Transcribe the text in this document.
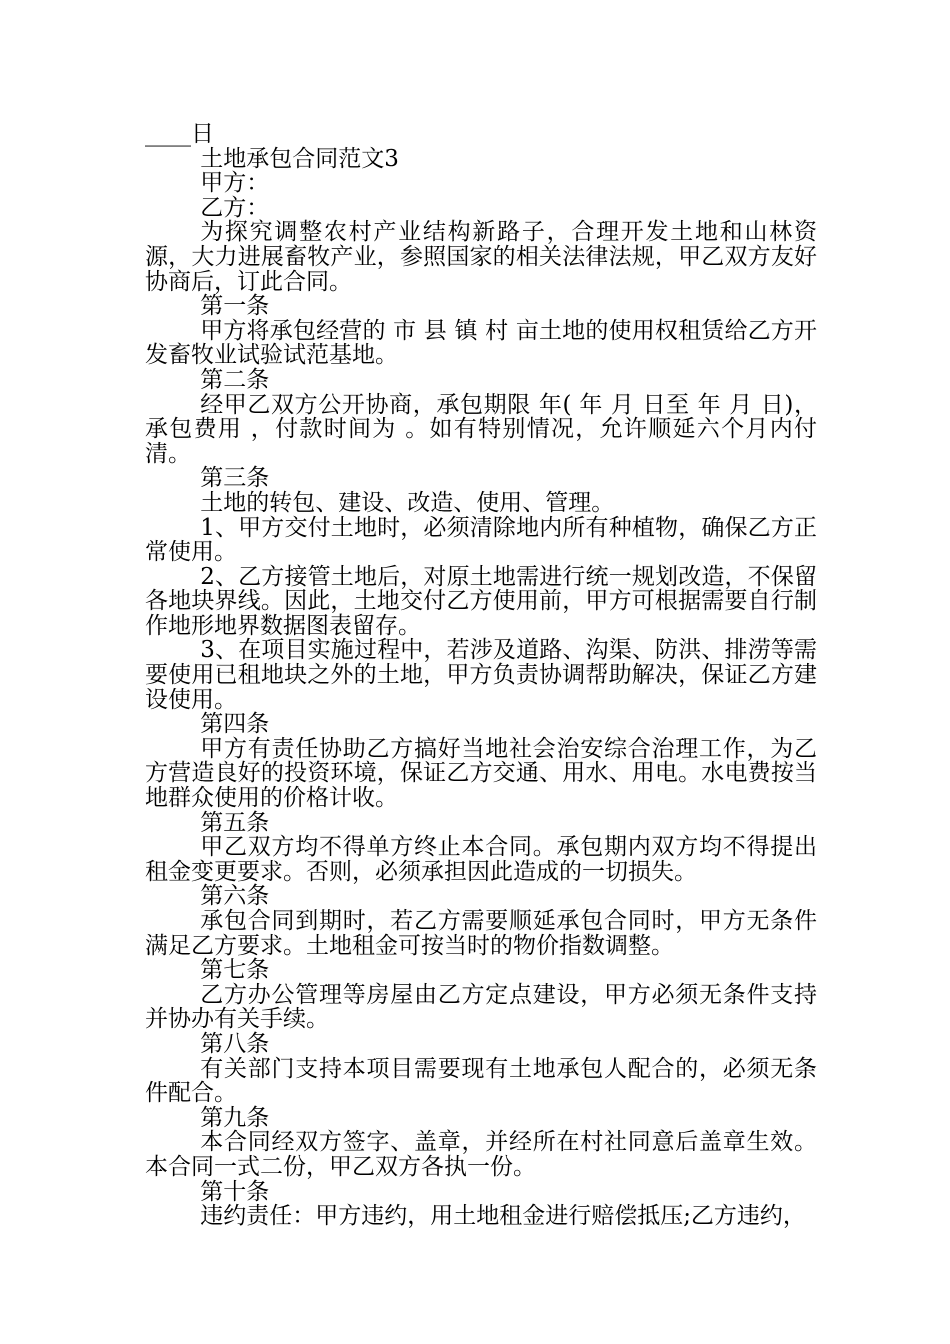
____日

土地承包合同范文3

甲方：

乙方：

为探究调整农村产业结构新路子，合理开发土地和山林资源，大力进展畜牧产业，参照国家的相关法律法规，甲乙双方友好协商后，订此合同。

第一条

甲方将承包经营的 市 县 镇 村 亩土地的使用权租赁给乙方开发畜牧业试验试范基地。

第二条

经甲乙双方公开协商，承包期限 年( 年 月 日至 年 月 日)，承包费用 ，付款时间为 。如有特别情况，允许顺延六个月内付清。

第三条

土地的转包、建设、改造、使用、管理。

1、甲方交付土地时，必须清除地内所有种植物，确保乙方正常使用。

2、乙方接管土地后，对原土地需进行统一规划改造，不保留各地块界线。因此，土地交付乙方使用前，甲方可根据需要自行制作地形地界数据图表留存。

3、在项目实施过程中，若涉及道路、沟渠、防洪、排涝等需要使用已租地块之外的土地，甲方负责协调帮助解决，保证乙方建设使用。

第四条

甲方有责任协助乙方搞好当地社会治安综合治理工作，为乙方营造良好的投资环境，保证乙方交通、用水、用电。水电费按当地群众使用的价格计收。

第五条

甲乙双方均不得单方终止本合同。承包期内双方均不得提出租金变更要求。否则，必须承担因此造成的一切损失。

第六条

承包合同到期时，若乙方需要顺延承包合同时，甲方无条件满足乙方要求。土地租金可按当时的物价指数调整。

第七条

乙方办公管理等房屋由乙方定点建设，甲方必须无条件支持并协办有关手续。

第八条

有关部门支持本项目需要现有土地承包人配合的，必须无条件配合。

第九条

本合同经双方签字、盖章，并经所在村社同意后盖章生效。本合同一式二份，甲乙双方各执一份。

第十条

违约责任：甲方违约，用土地租金进行赔偿抵压;乙方违约，
